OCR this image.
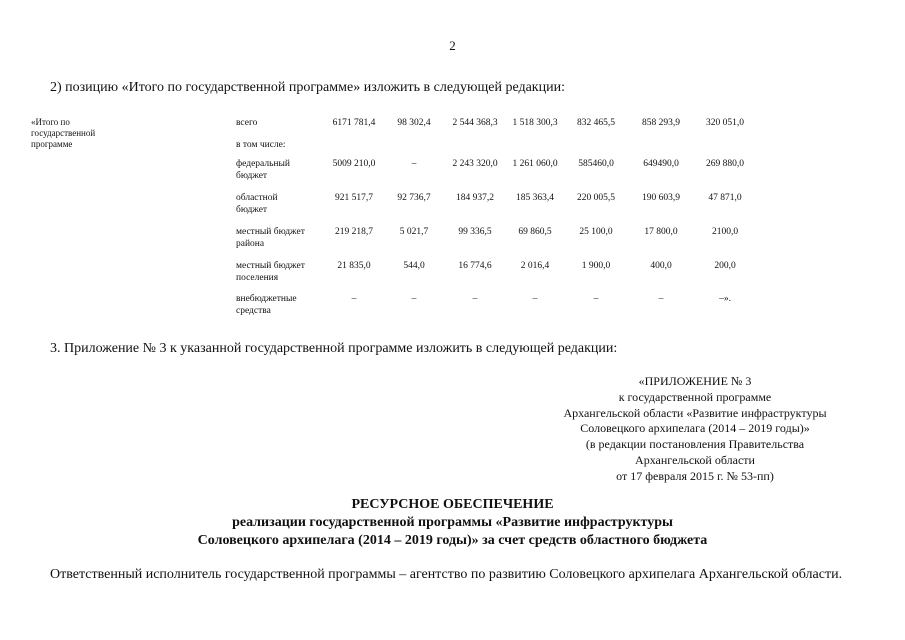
2
2) позицию «Итого по государственной программе» изложить в следующей редакции:
«Итого по
государственной
программе
всего	6171 781,4	98 302,4	2 544 368,3	1 518 300,3	832 465,5	858 293,9	320 051,0
в том числе:
федеральный
бюджет
5009 210,0	–	2 243 320,0	1 261 060,0	585460,0	649490,0	269 880,0
областной
бюджет
921 517,7	92 736,7	184 937,2	185 363,4	220 005,5	190 603,9	47 871,0
местный бюджет
района
219 218,7	5 021,7	99 336,5	69 860,5	25 100,0	17 800,0	2100,0
местный бюджет
поселения
21 835,0	544,0	16 774,6	2 016,4	1 900,0	400,0	200,0
внебюджетные
средства
–	–	–	–	–	–	–».
3. Приложение № 3 к указанной государственной программе изложить в следующей редакции:
«ПРИЛОЖЕНИЕ № 3
к государственной программе
Архангельской области «Развитие инфраструктуры
Соловецкого архипелага (2014 – 2019 годы)»
(в редакции постановления Правительства
Архангельской области
от 17 февраля 2015 г. № 53-пп)
РЕСУРСНОЕ ОБЕСПЕЧЕНИЕ
реализации государственной программы «Развитие инфраструктуры
Соловецкого архипелага (2014 – 2019 годы)» за счет средств областного бюджета
Ответственный исполнитель государственной программы – агентство по развитию Соловецкого архипелага Архангельской области.
